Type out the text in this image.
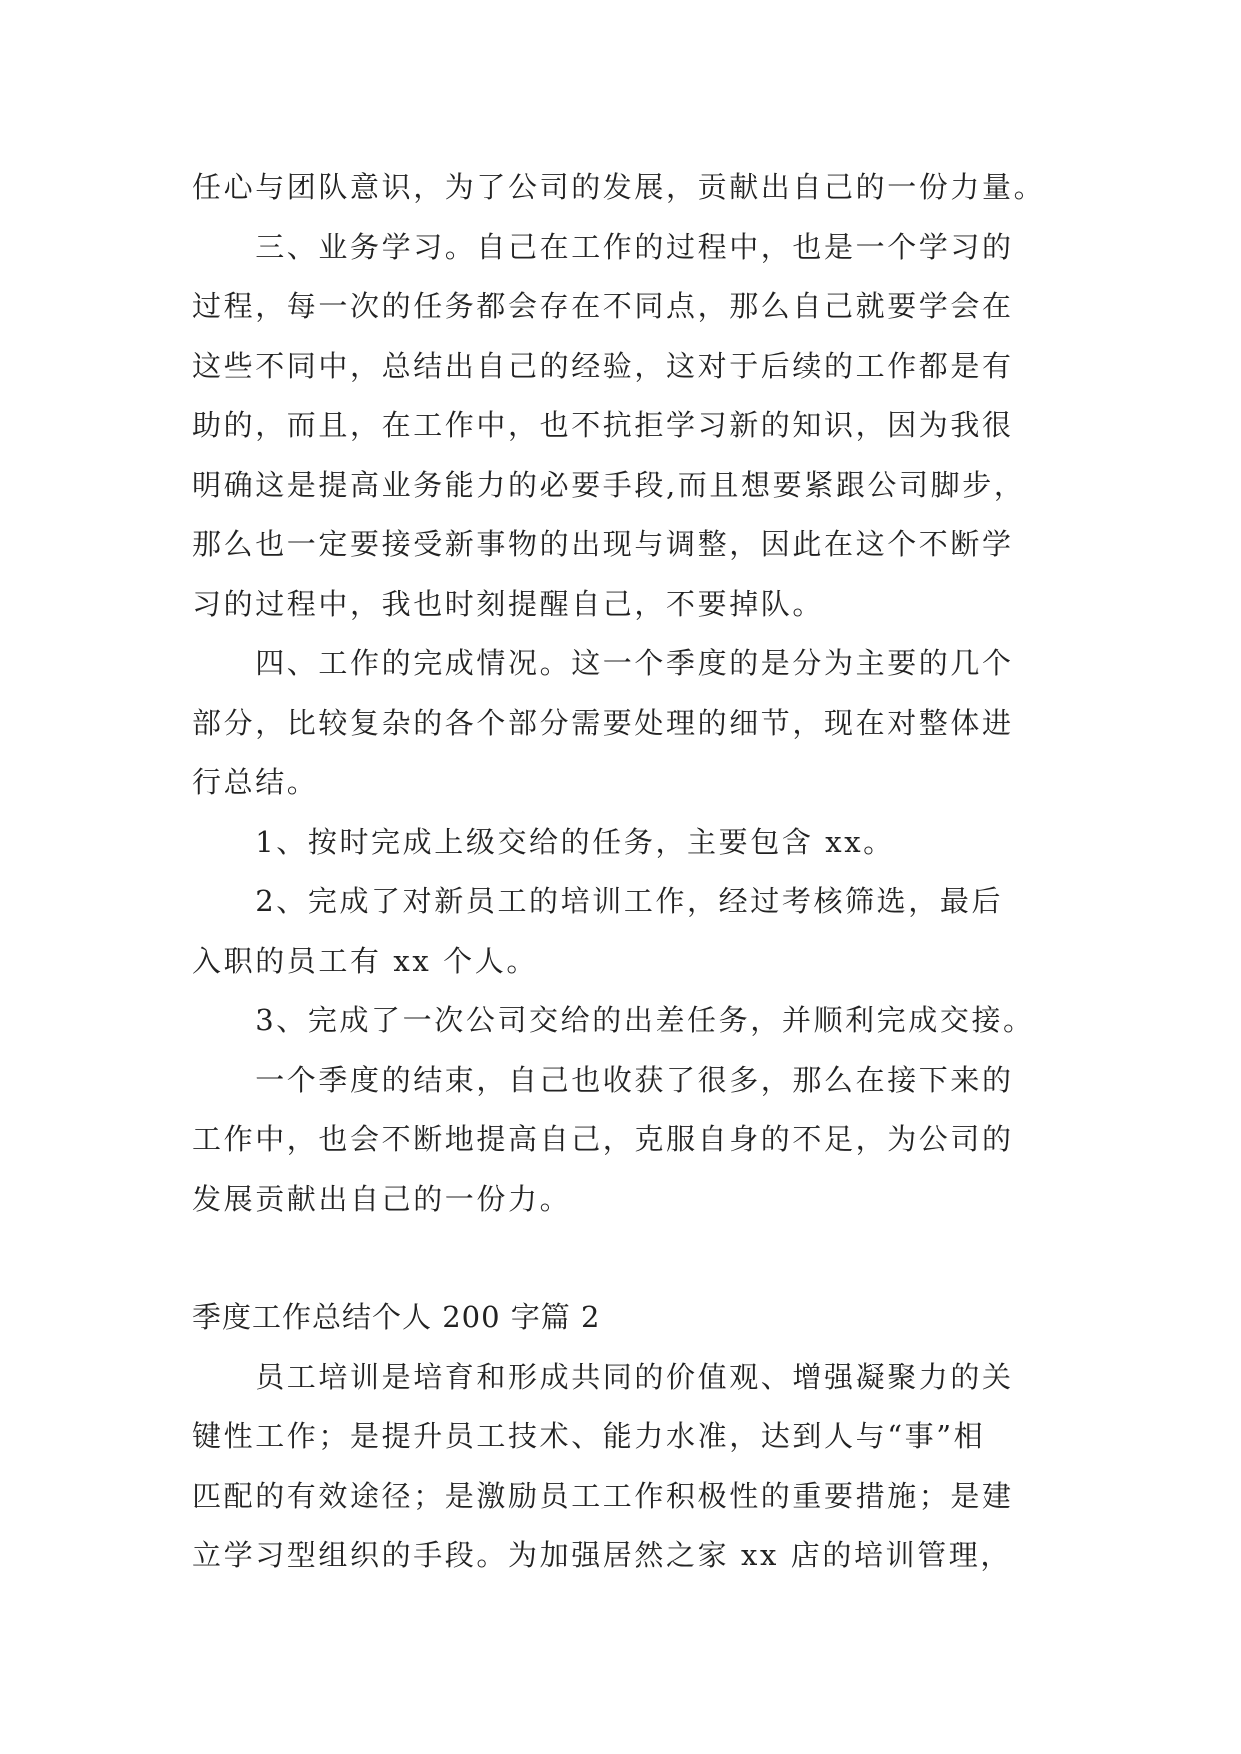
任心与团队意识，为了公司的发展，贡献出自己的一份力量。
　　三、业务学习。自己在工作的过程中，也是一个学习的
过程，每一次的任务都会存在不同点，那么自己就要学会在
这些不同中，总结出自己的经验，这对于后续的工作都是有
助的，而且，在工作中，也不抗拒学习新的知识，因为我很
明确这是提高业务能力的必要手段,而且想要紧跟公司脚步，
那么也一定要接受新事物的出现与调整，因此在这个不断学
习的过程中，我也时刻提醒自己，不要掉队。
　　四、工作的完成情况。这一个季度的是分为主要的几个
部分，比较复杂的各个部分需要处理的细节，现在对整体进
行总结。
　　1、按时完成上级交给的任务，主要包含 xx。
　　2、完成了对新员工的培训工作，经过考核筛选，最后
入职的员工有 xx 个人。
　　3、完成了一次公司交给的出差任务，并顺利完成交接。
　　一个季度的结束，自己也收获了很多，那么在接下来的
工作中，也会不断地提高自己，克服自身的不足，为公司的
发展贡献出自己的一份力。
季度工作总结个人 200 字篇 2
　　员工培训是培育和形成共同的价值观、增强凝聚力的关
键性工作；是提升员工技术、能力水准，达到人与“事”相
匹配的有效途径；是激励员工工作积极性的重要措施；是建
立学习型组织的手段。为加强居然之家 xx 店的培训管理，
